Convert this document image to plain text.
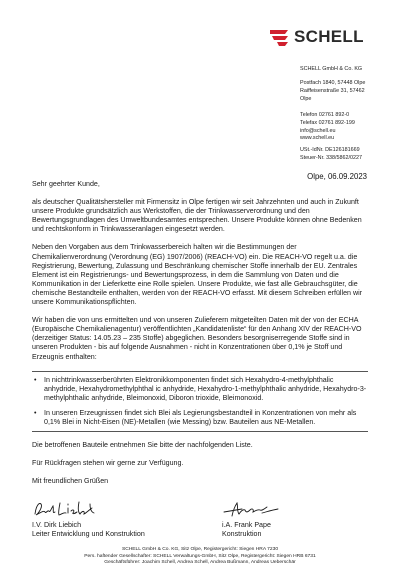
SCHELL
SCHELL GmbH & Co. KG
Postfach 1840, 57448 Olpe
Raiffeisenstraße 31, 57462
Olpe
Telefon 02761 892-0
Telefax 02761 892-199
info@schell.eu
www.schell.eu
USt.-IdNr. DE126181669
Steuer-Nr. 338/5862/0227
Olpe, 06.09.2023

Sehr geehrter Kunde,

als deutscher Qualitätshersteller mit Firmensitz in Olpe fertigen wir seit Jahrzehnten und auch in Zukunft unsere Produkte grundsätzlich aus Werkstoffen, die der Trinkwasserverordnung und den Bewertungsgrundlagen des Umweltbundesamtes entsprechen. Unsere Produkte können ohne Bedenken und rechtskonform in Trinkwasseranlagen eingesetzt werden.

Neben den Vorgaben aus dem Trinkwasserbereich halten wir die Bestimmungen der Chemikalienverordnung (Verordnung (EG) 1907/2006) (REACH-VO) ein. Die REACH-VO regelt u.a. die Registrierung, Bewertung, Zulassung und Beschränkung chemischer Stoffe innerhalb der EU. Zentrales Element ist ein Registrierungs- und Bewertungsprozess, in dem die Sammlung von Daten und die Kommunikation in der Lieferkette eine Rolle spielen. Unsere Produkte, wie fast alle Gebrauchsgüter, die chemische Bestandteile enthalten, werden von der REACH-VO erfasst. Mit diesem Schreiben erfüllen wir unsere Kommunikationspflichten.

Wir haben die von uns ermittelten und von unseren Zulieferern mitgeteilten Daten mit der von der ECHA (Europäische Chemikalienagentur) veröffentlichten „Kandidatenliste“ für den Anhang XIV der REACH-VO (derzeitiger Status: 14.05.23 – 235 Stoffe) abgeglichen. Besonders besorgniserregende Stoffe sind in unseren Produkten - bis auf folgende Ausnahmen - nicht in Konzentrationen über 0,1% je Stoff und Erzeugnis enthalten:

• In nichttrinkwasserberührten Elektronikkomponenten findet sich Hexahydro-4-methylphthalic anhydride, Hexahydromethylphthal ic anhydride, Hexahydro-1-methylphthalic anhydride, Hexahydro-3-methylphthalic anhydride, Bleimonoxid, Diboron trioxide, Bleimonoxid.
• In unseren Erzeugnissen findet sich Blei als Legierungsbestandteil in Konzentrationen von mehr als 0,1% Blei in Nicht-Eisen (NE)-Metallen (wie Messing) bzw. Bauteilen aus NE-Metallen.

Die betroffenen Bauteile entnehmen Sie bitte der nachfolgenden Liste.

Für Rückfragen stehen wir gerne zur Verfügung.

Mit freundlichen Grüßen

I.V. Dirk Liebich
Leiter Entwicklung und Konstruktion
i.A. Frank Pape
Konstruktion
SCHELL GmbH & Co. KG, Sitz Olpe, Registergericht: Siegen HRA 7230
Pers. haftender Gesellschafter: SCHELL Verwaltungs-GmbH, Sitz Olpe, Registergericht: Siegen HRB 6731
Geschäftsführer: Joachim Schell, Andrea Schell, Andrea Bußmann, Andreas Ueberschär
